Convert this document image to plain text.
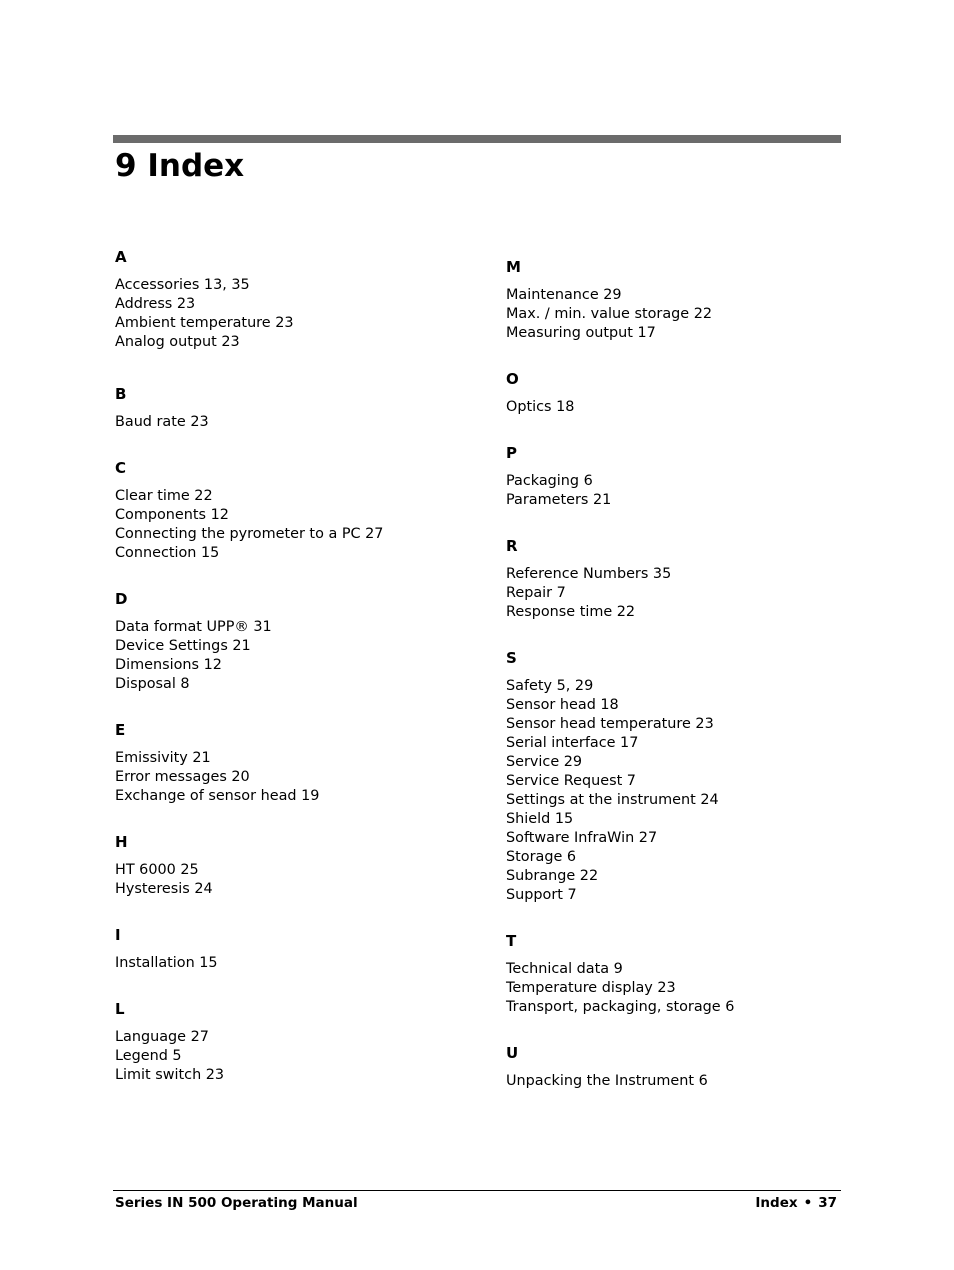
9 Index
A
Accessories 13, 35
Address 23
Ambient temperature 23
Analog output 23
B
Baud rate 23
C
Clear time 22
Components 12
Connecting the pyrometer to a PC 27
Connection 15
D
Data format UPP® 31
Device Settings 21
Dimensions 12
Disposal 8
E
Emissivity 21
Error messages 20
Exchange of sensor head 19
H
HT 6000 25
Hysteresis 24
I
Installation 15
L
Language 27
Legend 5
Limit switch 23
M
Maintenance 29
Max. / min. value storage 22
Measuring output 17
O
Optics 18
P
Packaging 6
Parameters 21
R
Reference Numbers 35
Repair 7
Response time 22
S
Safety 5, 29
Sensor head 18
Sensor head temperature 23
Serial interface 17
Service 29
Service Request 7
Settings at the instrument 24
Shield 15
Software InfraWin 27
Storage 6
Subrange 22
Support 7
T
Technical data 9
Temperature display 23
Transport, packaging, storage 6
U
Unpacking the Instrument 6
Series IN 500 Operating Manual	Index • 37
